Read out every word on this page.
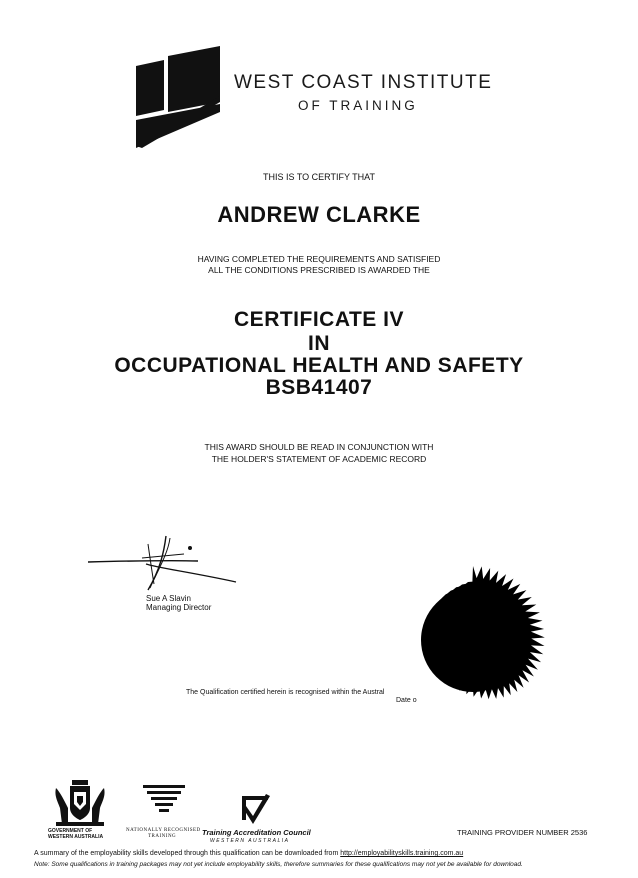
WEST COAST INSTITUTE
OF TRAINING
THIS IS TO CERTIFY THAT
ANDREW CLARKE
HAVING COMPLETED THE REQUIREMENTS AND SATISFIED
ALL THE CONDITIONS PRESCRIBED IS AWARDED THE
CERTIFICATE IV
IN
OCCUPATIONAL HEALTH AND SAFETY
BSB41407
THIS AWARD SHOULD BE READ IN CONJUNCTION WITH
THE HOLDER'S STATEMENT OF ACADEMIC RECORD
Sue A Slavin
Managing Director
The Qualification certified herein is recognised within the Austral
Date o
GOVERNMENT OF
WESTERN AUSTRALIA
NATIONALLY RECOGNISED
TRAINING	Training Accreditation Council
WESTERN AUSTRALIA
TRAINING PROVIDER NUMBER 2536
A summary of the employability skills developed through this qualification can be downloaded from http://employabilityskills.training.com.au
Note: Some qualifications in training packages may not yet include employability skills, therefore summaries for these qualifications may not yet be available for download.
